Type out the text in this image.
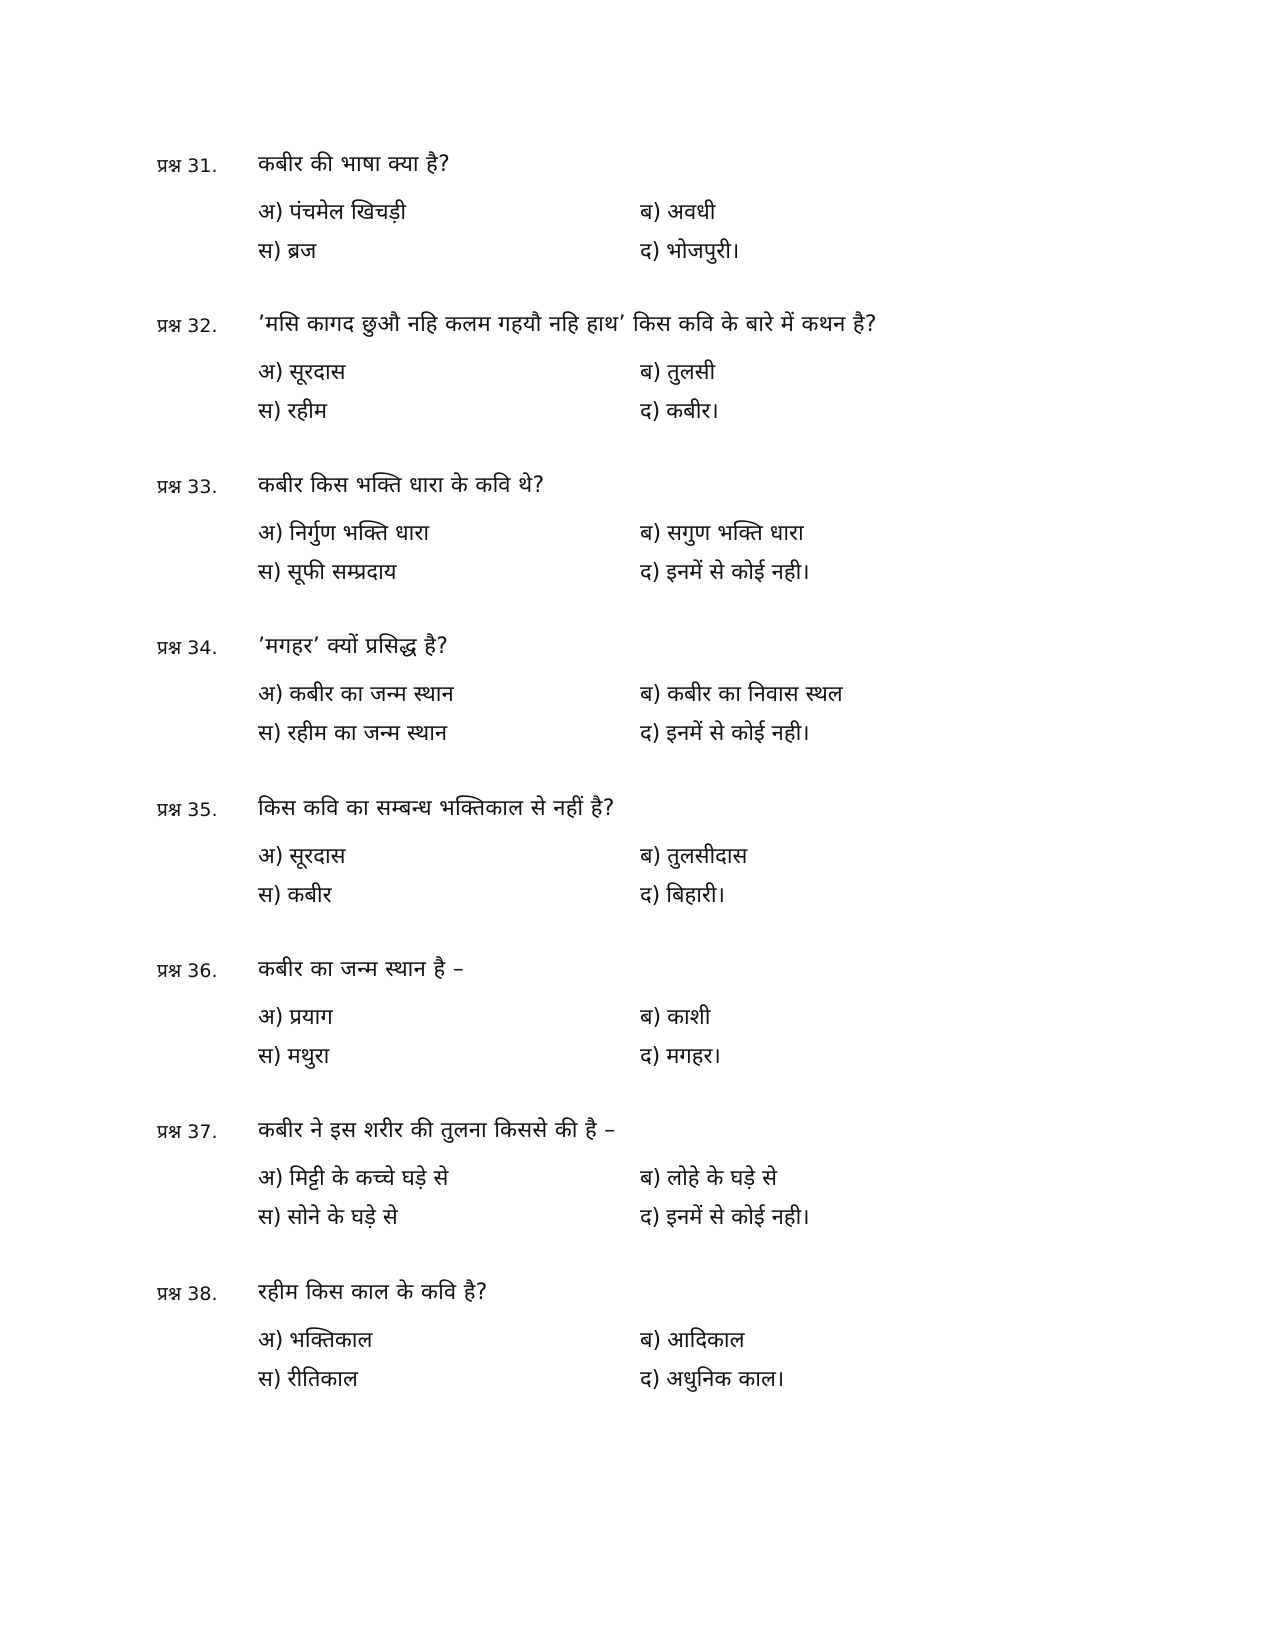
प्रश्न 31. कबीर की भाषा क्या है?
अ) पंचमेल खिचड़ी	ब) अवधी
स) ब्रज	द) भोजपुरी।
प्रश्न 32. ’मसि कागद छुऔ नहि कलम गहयौ नहि हाथ’ किस कवि के बारे में कथन है?
अ) सूरदास	ब) तुलसी
स) रहीम	द) कबीर।
प्रश्न 33. कबीर किस भक्ति धारा के कवि थे?
अ) निर्गुण भक्ति धारा	ब) सगुण भक्ति धारा
स) सूफी सम्प्रदाय	द) इनमें से कोई नही।
प्रश्न 34. ’मगहर’ क्यों प्रसिद्ध है?
अ) कबीर का जन्म स्थान	ब) कबीर का निवास स्थल
स) रहीम का जन्म स्थान	द) इनमें से कोई नही।
प्रश्न 35. किस कवि का सम्बन्ध भक्तिकाल से नहीं है?
अ) सूरदास	ब) तुलसीदास
स) कबीर	द) बिहारी।
प्रश्न 36. कबीर का जन्म स्थान है –
अ) प्रयाग	ब) काशी
स) मथुरा	द) मगहर।
प्रश्न 37. कबीर ने इस शरीर की तुलना किससे की है –
अ) मिट्टी के कच्चे घड़े से	ब) लोहे के घड़े से
स) सोने के घड़े से	द) इनमें से कोई नही।
प्रश्न 38. रहीम किस काल के कवि है?
अ) भक्तिकाल	ब) आदिकाल
स) रीतिकाल	द) अधुनिक काल।
